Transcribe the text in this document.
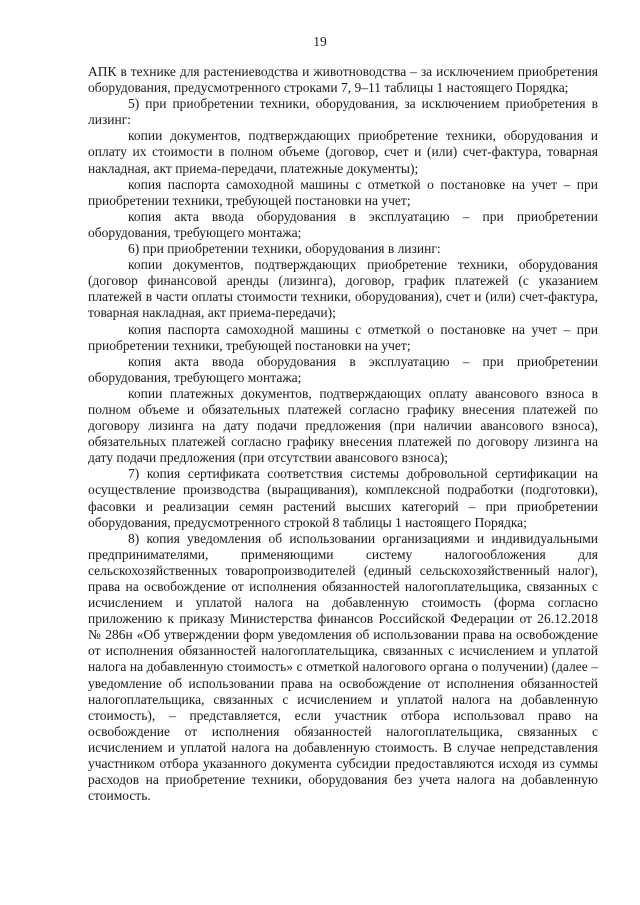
19

АПК в технике для растениеводства и животноводства – за исключением приобретения оборудования, предусмотренного строками 7, 9–11 таблицы 1 настоящего Порядка;

5) при приобретении техники, оборудования, за исключением приобретения в лизинг:

копии документов, подтверждающих приобретение техники, оборудования и оплату их стоимости в полном объеме (договор, счет и (или) счет-фактура, товарная накладная, акт приема-передачи, платежные документы);

копия паспорта самоходной машины с отметкой о постановке на учет – при приобретении техники, требующей постановки на учет;

копия акта ввода оборудования в эксплуатацию – при приобретении оборудования, требующего монтажа;

6) при приобретении техники, оборудования в лизинг:

копии документов, подтверждающих приобретение техники, оборудования (договор финансовой аренды (лизинга), договор, график платежей (с указанием платежей в части оплаты стоимости техники, оборудования), счет и (или) счет-фактура, товарная накладная, акт приема-передачи);

копия паспорта самоходной машины с отметкой о постановке на учет – при приобретении техники, требующей постановки на учет;

копия акта ввода оборудования в эксплуатацию – при приобретении оборудования, требующего монтажа;

копии платежных документов, подтверждающих оплату авансового взноса в полном объеме и обязательных платежей согласно графику внесения платежей по договору лизинга на дату подачи предложения (при наличии авансового взноса), обязательных платежей согласно графику внесения платежей по договору лизинга на дату подачи предложения (при отсутствии авансового взноса);

7) копия сертификата соответствия системы добровольной сертификации на осуществление производства (выращивания), комплексной подработки (подготовки), фасовки и реализации семян растений высших категорий – при приобретении оборудования, предусмотренного строкой 8 таблицы 1 настоящего Порядка;

8) копия уведомления об использовании организациями и индивидуальными предпринимателями, применяющими систему налогообложения для сельскохозяйственных товаропроизводителей (единый сельскохозяйственный налог), права на освобождение от исполнения обязанностей налогоплательщика, связанных с исчислением и уплатой налога на добавленную стоимость (форма согласно приложению к приказу Министерства финансов Российской Федерации от 26.12.2018 № 286н «Об утверждении форм уведомления об использовании права на освобождение от исполнения обязанностей налогоплательщика, связанных с исчислением и уплатой налога на добавленную стоимость» с отметкой налогового органа о получении) (далее – уведомление об использовании права на освобождение от исполнения обязанностей налогоплательщика, связанных с исчислением и уплатой налога на добавленную стоимость), – представляется, если участник отбора использовал право на освобождение от исполнения обязанностей налогоплательщика, связанных с исчислением и уплатой налога на добавленную стоимость. В случае непредставления участником отбора указанного документа субсидии предоставляются исходя из суммы расходов на приобретение техники, оборудования без учета налога на добавленную стоимость.
